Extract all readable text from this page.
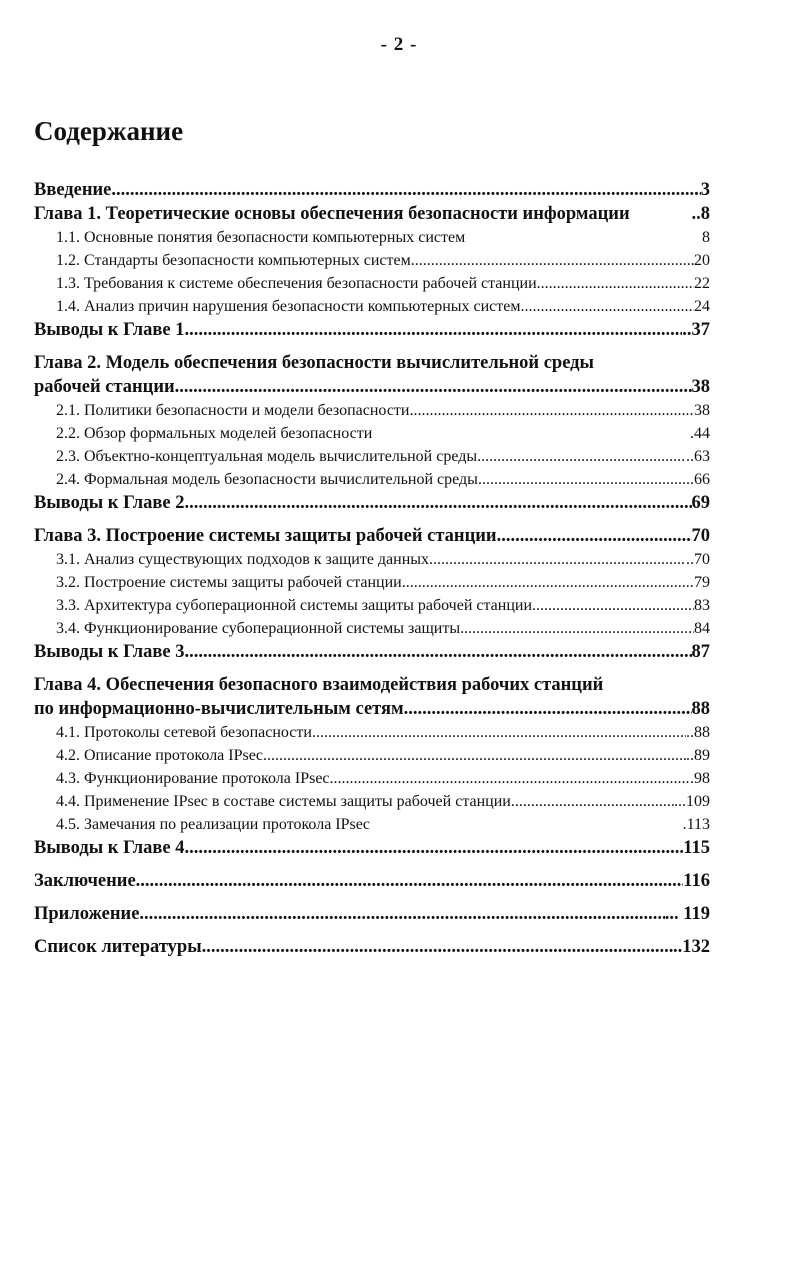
- 2 -
Содержание
Введение .....	3
Глава 1. Теоретические основы обеспечения безопасности информации	..8
1.1. Основные понятия безопасности компьютерных систем	8
1.2. Стандарты безопасности компьютерных систем .....	20
1.3. Требования к системе обеспечения безопасности рабочей станции .....	22
1.4. Анализ причин нарушения безопасности компьютерных систем .....	24
Выводы к Главе 1 .....	..37
Глава 2. Модель обеспечения безопасности вычислительной среды
рабочей станции .....	38
2.1. Политики безопасности и модели безопасности .....	38
2.2. Обзор формальных моделей безопасности	.44
2.3. Объектно-концептуальная модель вычислительной среды .....	..63
2.4. Формальная модель безопасности вычислительной среды .....	..66
Выводы к Главе 2 .....	69
Глава 3. Построение системы защиты рабочей станции .....	70
3.1. Анализ существующих подходов к защите данных .....	..70
3.2. Построение системы защиты рабочей станции .....	79
3.3. Архитектура субоперационной системы защиты рабочей станции .....	83
3.4. Функционирование субоперационной системы защиты .....	84
Выводы к Главе 3 .....	87
Глава 4. Обеспечения безопасного взаимодействия рабочих станций
по информационно-вычислительным сетям .....	88
4.1. Протоколы сетевой безопасности .....	..88
4.2. Описание протокола IPsec .....	..89
4.3. Функционирование протокола IPsec .....	.98
4.4. Применение IPsec в составе системы защиты рабочей станции .....	...109
4.5. Замечания по реализации протокола IPsec	.113
Выводы к Главе 4 .....	115
Заключение .....	116
Приложение .....	... 119
Список литературы .....	..132
